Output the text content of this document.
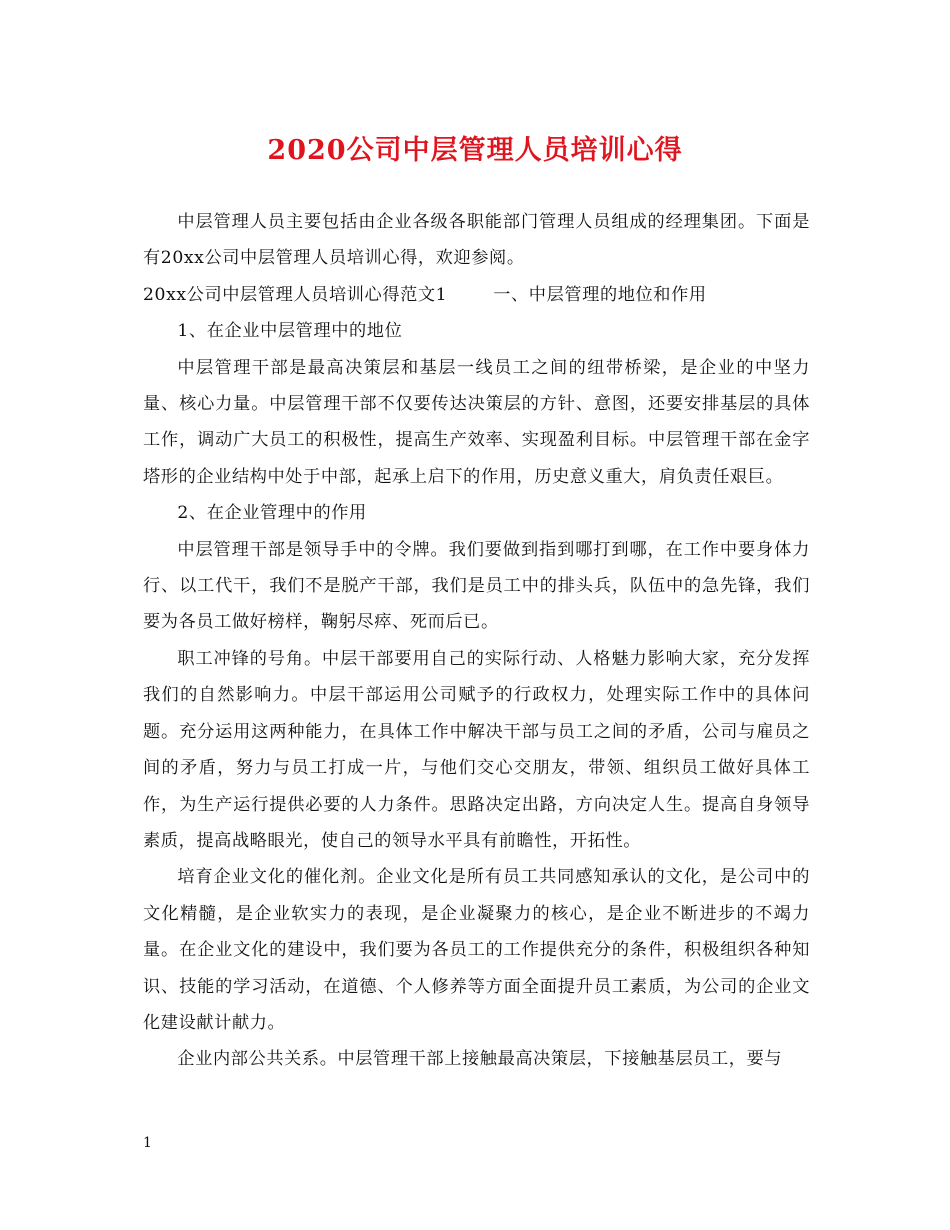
2020公司中层管理人员培训心得

中层管理人员主要包括由企业各级各职能部门管理人员组成的经理集团。下面是有20xx公司中层管理人员培训心得，欢迎参阅。

20xx公司中层管理人员培训心得范文1	一、中层管理的地位和作用

1、在企业中层管理中的地位

中层管理干部是最高决策层和基层一线员工之间的纽带桥梁，是企业的中坚力量、核心力量。中层管理干部不仅要传达决策层的方针、意图，还要安排基层的具体工作，调动广大员工的积极性，提高生产效率、实现盈利目标。中层管理干部在金字塔形的企业结构中处于中部，起承上启下的作用，历史意义重大，肩负责任艰巨。

2、在企业管理中的作用

中层管理干部是领导手中的令牌。我们要做到指到哪打到哪，在工作中要身体力行、以工代干，我们不是脱产干部，我们是员工中的排头兵，队伍中的急先锋，我们要为各员工做好榜样，鞠躬尽瘁、死而后已。

职工冲锋的号角。中层干部要用自己的实际行动、人格魅力影响大家，充分发挥我们的自然影响力。中层干部运用公司赋予的行政权力，处理实际工作中的具体问题。充分运用这两种能力，在具体工作中解决干部与员工之间的矛盾，公司与雇员之间的矛盾，努力与员工打成一片，与他们交心交朋友，带领、组织员工做好具体工作，为生产运行提供必要的人力条件。思路决定出路，方向决定人生。提高自身领导素质，提高战略眼光，使自己的领导水平具有前瞻性，开拓性。

培育企业文化的催化剂。企业文化是所有员工共同感知承认的文化，是公司中的文化精髓，是企业软实力的表现，是企业凝聚力的核心，是企业不断进步的不竭力量。在企业文化的建设中，我们要为各员工的工作提供充分的条件，积极组织各种知识、技能的学习活动，在道德、个人修养等方面全面提升员工素质，为公司的企业文化建设献计献力。

企业内部公共关系。中层管理干部上接触最高决策层，下接触基层员工，要与

1
